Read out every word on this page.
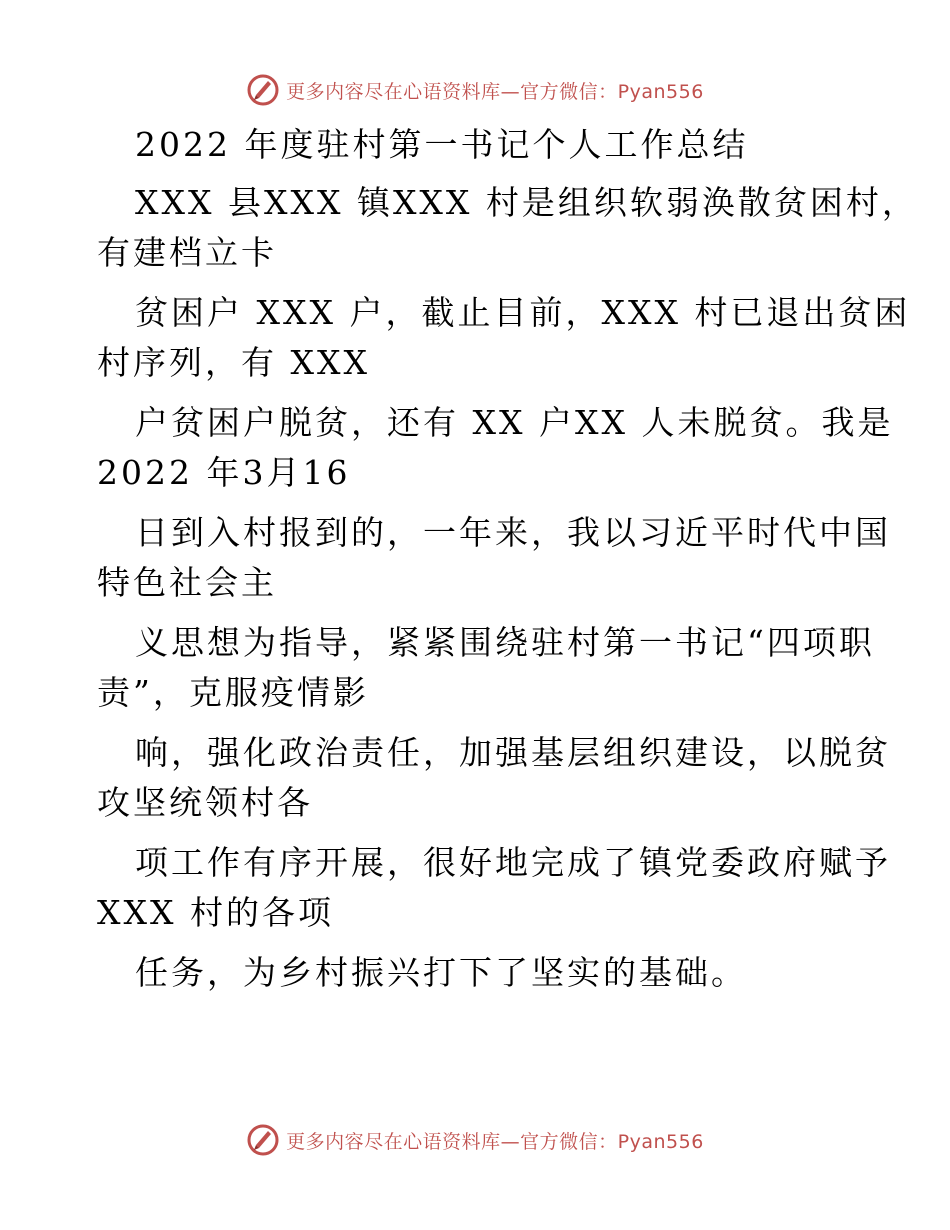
更多内容尽在心语资料库—官方微信：Pyan556
2022 年度驻村第一书记个人工作总结
XXX 县XXX 镇XXX 村是组织软弱涣散贫困村，
有建档立卡
贫困户 XXX 户，截止目前，XXX 村已退出贫困
村序列，有 XXX
户贫困户脱贫，还有 XX 户XX 人未脱贫。我是
2022 年3月16
日到入村报到的，一年来，我以习近平时代中国
特色社会主
义思想为指导，紧紧围绕驻村第一书记“四项职
责”，克服疫情影
响，强化政治责任，加强基层组织建设，以脱贫
攻坚统领村各
项工作有序开展，很好地完成了镇党委政府赋予
XXX 村的各项
任务，为乡村振兴打下了坚实的基础。
更多内容尽在心语资料库—官方微信：Pyan556
